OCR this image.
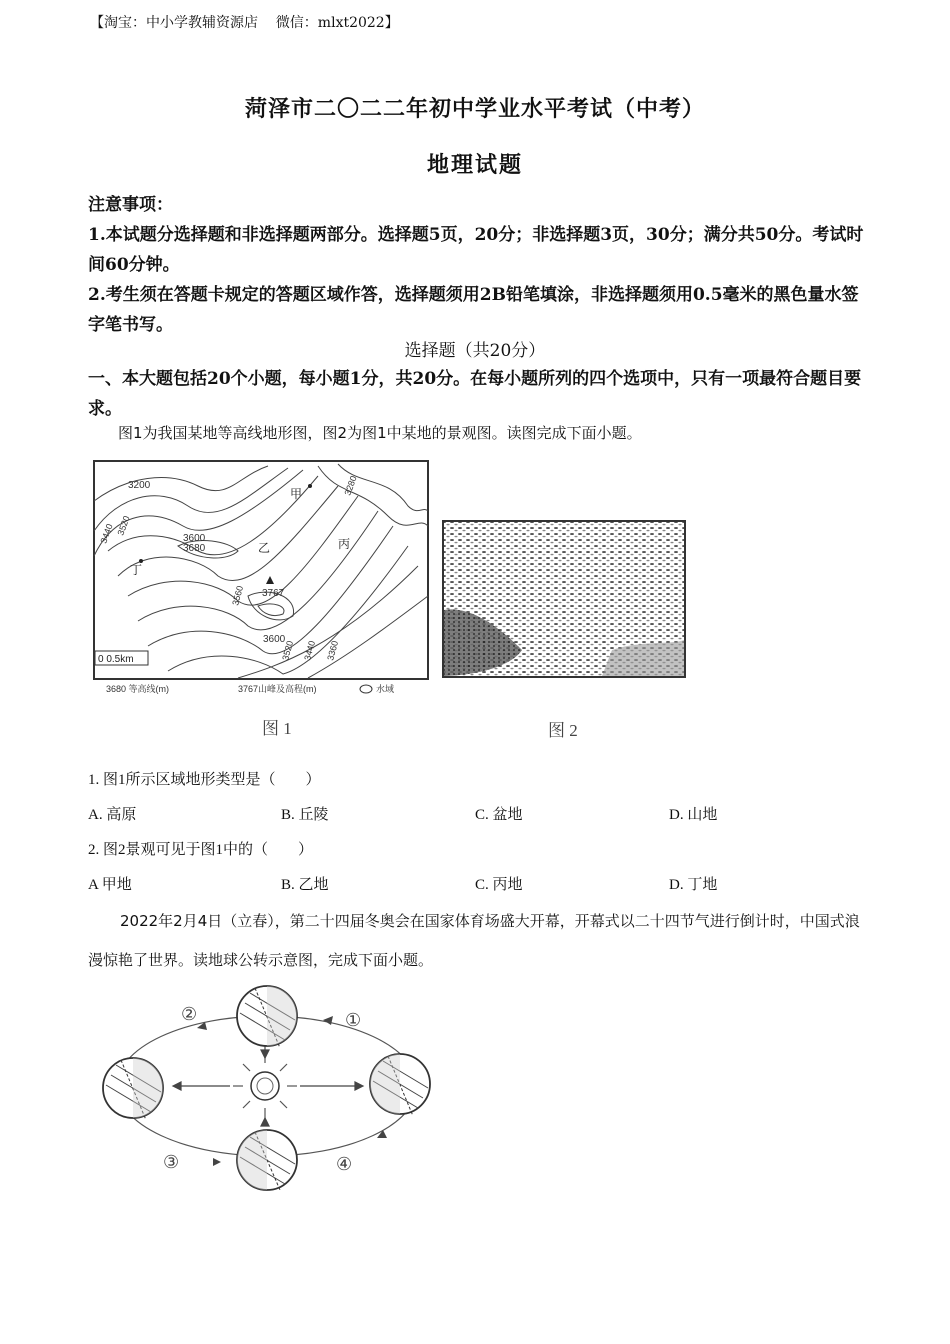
【淘宝：中小学教辅资源店 微信：mlxt2022】
菏泽市二〇二二年初中学业水平考试（中考）
地理试题
注意事项：
1.本试题分选择题和非选择题两部分。选择题5页，20分；非选择题3页，30分；满分共50分。考试时间60分钟。
2.考生须在答题卡规定的答题区域作答，选择题须用2B铅笔填涂，非选择题须用0.5毫米的黑色量水签字笔书写。
选择题（共20分）
一、本大题包括20个小题，每小题1分，共20分。在每小题所列的四个选项中，只有一项最符合题目要求。
图1为我国某地等高线地形图，图2为图1中某地的景观图。读图完成下面小题。
3200
3600
3680
3600
甲
乙	丙
丁
3767
0 0.5km
3680 等高线(m)	3767山峰及高程(m)	水域
3440 3520
3560
3520 3440 3360
3280
图 1	图 2
1. 图1所示区域地形类型是（　　）
A. 高原	B. 丘陵	C. 盆地	D. 山地
2. 图2景观可见于图1中的（　　）
A 甲地	B. 乙地	C. 丙地	D. 丁地
2022年2月4日（立春），第二十四届冬奥会在国家体育场盛大开幕，开幕式以二十四节气进行倒计时，中国式浪漫惊艳了世界。读地球公转示意图，完成下面小题。
①
②
③	④
